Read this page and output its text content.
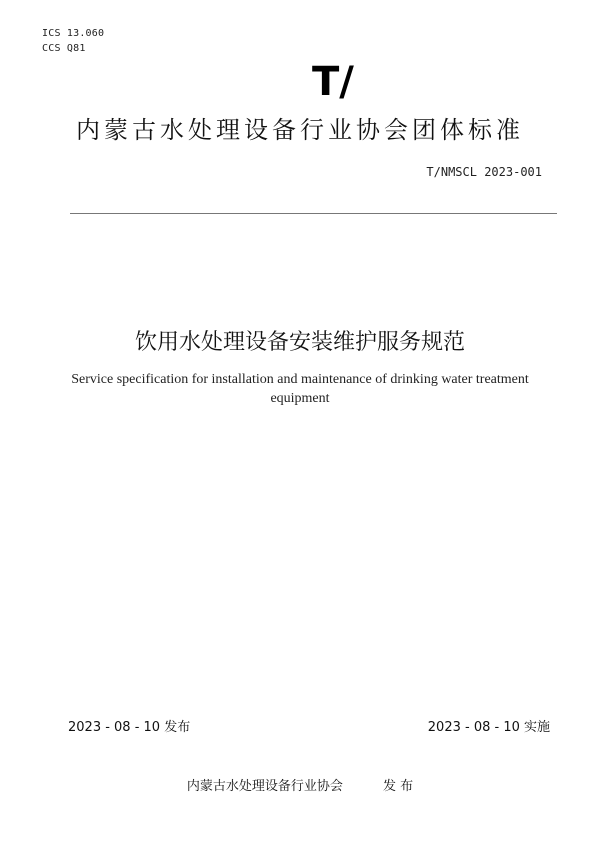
ICS 13.060
CCS Q81
T/
内蒙古水处理设备行业协会团体标准
T/NMSCL 2023-001
饮用水处理设备安装维护服务规范
Service specification for installation and maintenance of drinking water treatment
equipment
2023 - 08 - 10 发布	2023 - 08 - 10 实施
内蒙古水处理设备行业协会	发 布
